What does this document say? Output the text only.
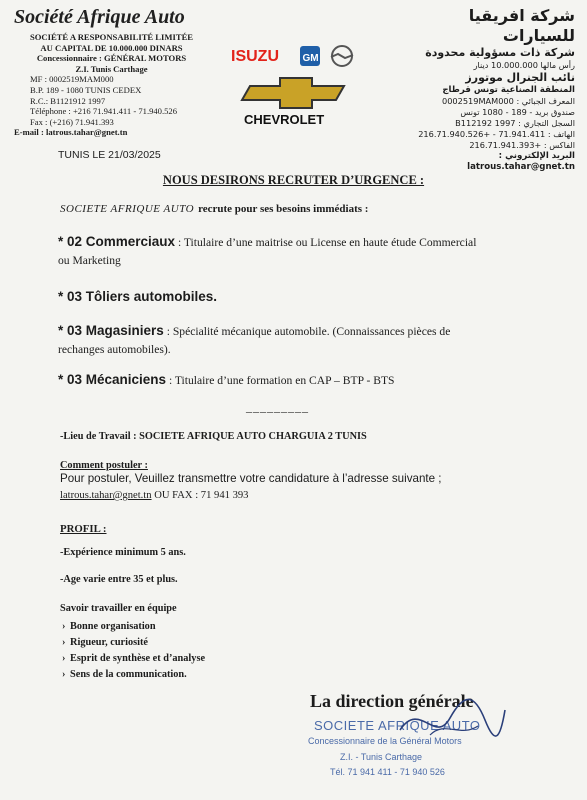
Société Afrique Auto
SOCIÉTÉ A RESPONSABILITÉ LIMITÉE
AU CAPITAL DE 10.000.000 DINARS
Concessionnaire : GÉNÉRAL MOTORS
Z.I. Tunis Carthage
MF : 0002519MAM000
B.P. 189 - 1080 TUNIS CEDEX
R.C.: B1121912 1997
Téléphone : +216 71.941.411 - 71.940.526
Fax : (+216) 71.941.393
E-mail : latrous.tahar@gnet.tn
شركة افريقيا للسيارات
شركة ذات مسؤولية محدودة
رأس مالها 10.000.000 دينار
نائب الجنرال موتورز
المنطقة الصناعية تونس قرطاج
المعرف الجبائي : 0002519MAM000
صندوق بريد - 189 - 1080 تونس
السجل التجاري : B112192 1997
الهاتف : 71.941.411 - +216.71.940.526
الفاكس : +216.71.941.393
البريد الإلكتروني : latrous.tahar@gnet.tn
ISUZU GM
CHEVROLET
TUNIS LE 21/03/2025
NOUS DESIRONS RECRUTER D’URGENCE :
SOCIETE AFRIQUE AUTO recrute pour ses besoins immédiats :
* 02 Commerciaux : Titulaire d’une maitrise ou License en haute étude Commercial ou Marketing
* 03 Tôliers automobiles.
* 03 Magasiniers : Spécialité mécanique automobile. (Connaissances pièces de rechanges automobiles).
* 03 Mécaniciens : Titulaire d’une formation en CAP – BTP - BTS
_________
-Lieu de Travail : SOCIETE AFRIQUE AUTO CHARGUIA 2 TUNIS
Comment postuler :
Pour postuler, Veuillez transmettre votre candidature à l’adresse suivante ; latrous.tahar@gnet.tn OU FAX : 71 941 393
PROFIL :
-Expérience minimum 5 ans.
-Age varie entre 35 et plus.
Savoir travailler en équipe
› Bonne organisation
› Rigueur, curiosité
› Esprit de synthèse et d’analyse
› Sens de la communication.
La direction générale
SOCIETE AFRIQUE AUTO
Concessionnaire de la Général Motors
Z.I. - Tunis Carthage
Tél. 71 941 411 - 71 940 526
